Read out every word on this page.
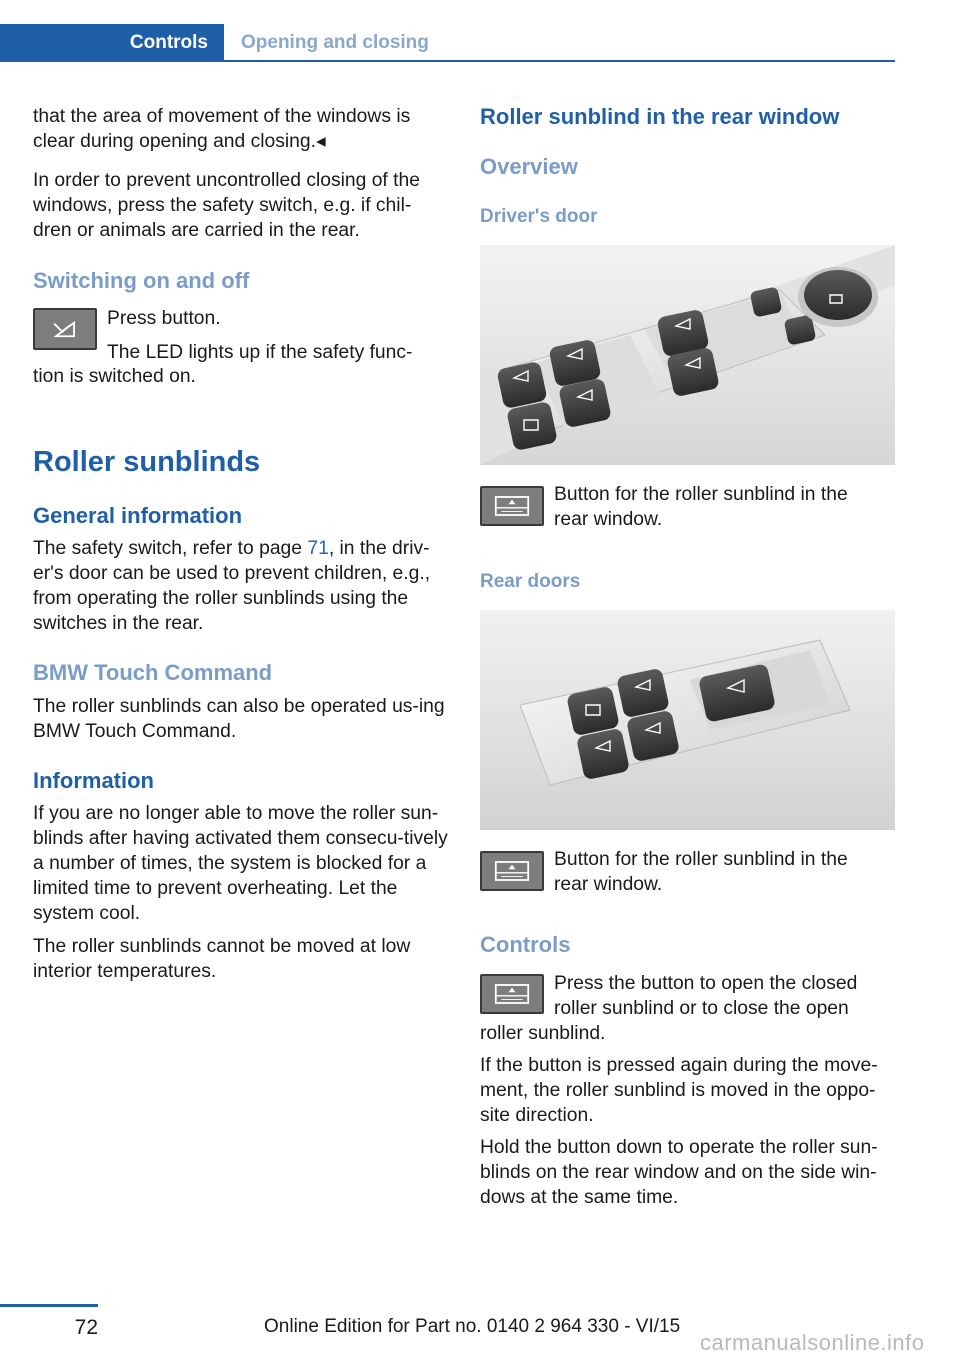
Controls	Opening and closing

that the area of movement of the windows is clear during opening and closing.◂

In order to prevent uncontrolled closing of the windows, press the safety switch, e.g. if chil‐dren or animals are carried in the rear.

Switching on and off

Press button.

The LED lights up if the safety func‐

tion is switched on.

Roller sunblinds
General information

The safety switch, refer to page 71, in the driv‐er's door can be used to prevent children, e.g., from operating the roller sunblinds using the switches in the rear.

BMW Touch Command

The roller sunblinds can also be operated us‐ing BMW Touch Command.

Information

If you are no longer able to move the roller sun‐blinds after having activated them consecu‐tively a number of times, the system is blocked for a limited time to prevent overheating. Let the system cool.

The roller sunblinds cannot be moved at low interior temperatures.

Roller sunblind in the rear window
Overview
Driver's door

Button for the roller sunblind in the

rear window.

Rear doors

Button for the roller sunblind in the

rear window.

Controls

Press the button to open the closed

roller sunblind or to close the open

roller sunblind.

If the button is pressed again during the move‐ment, the roller sunblind is moved in the oppo‐site direction.

Hold the button down to operate the roller sun‐blinds on the rear window and on the side win‐dows at the same time.

72	Online Edition for Part no. 0140 2 964 330 - VI/15
carmanualsonline.info
